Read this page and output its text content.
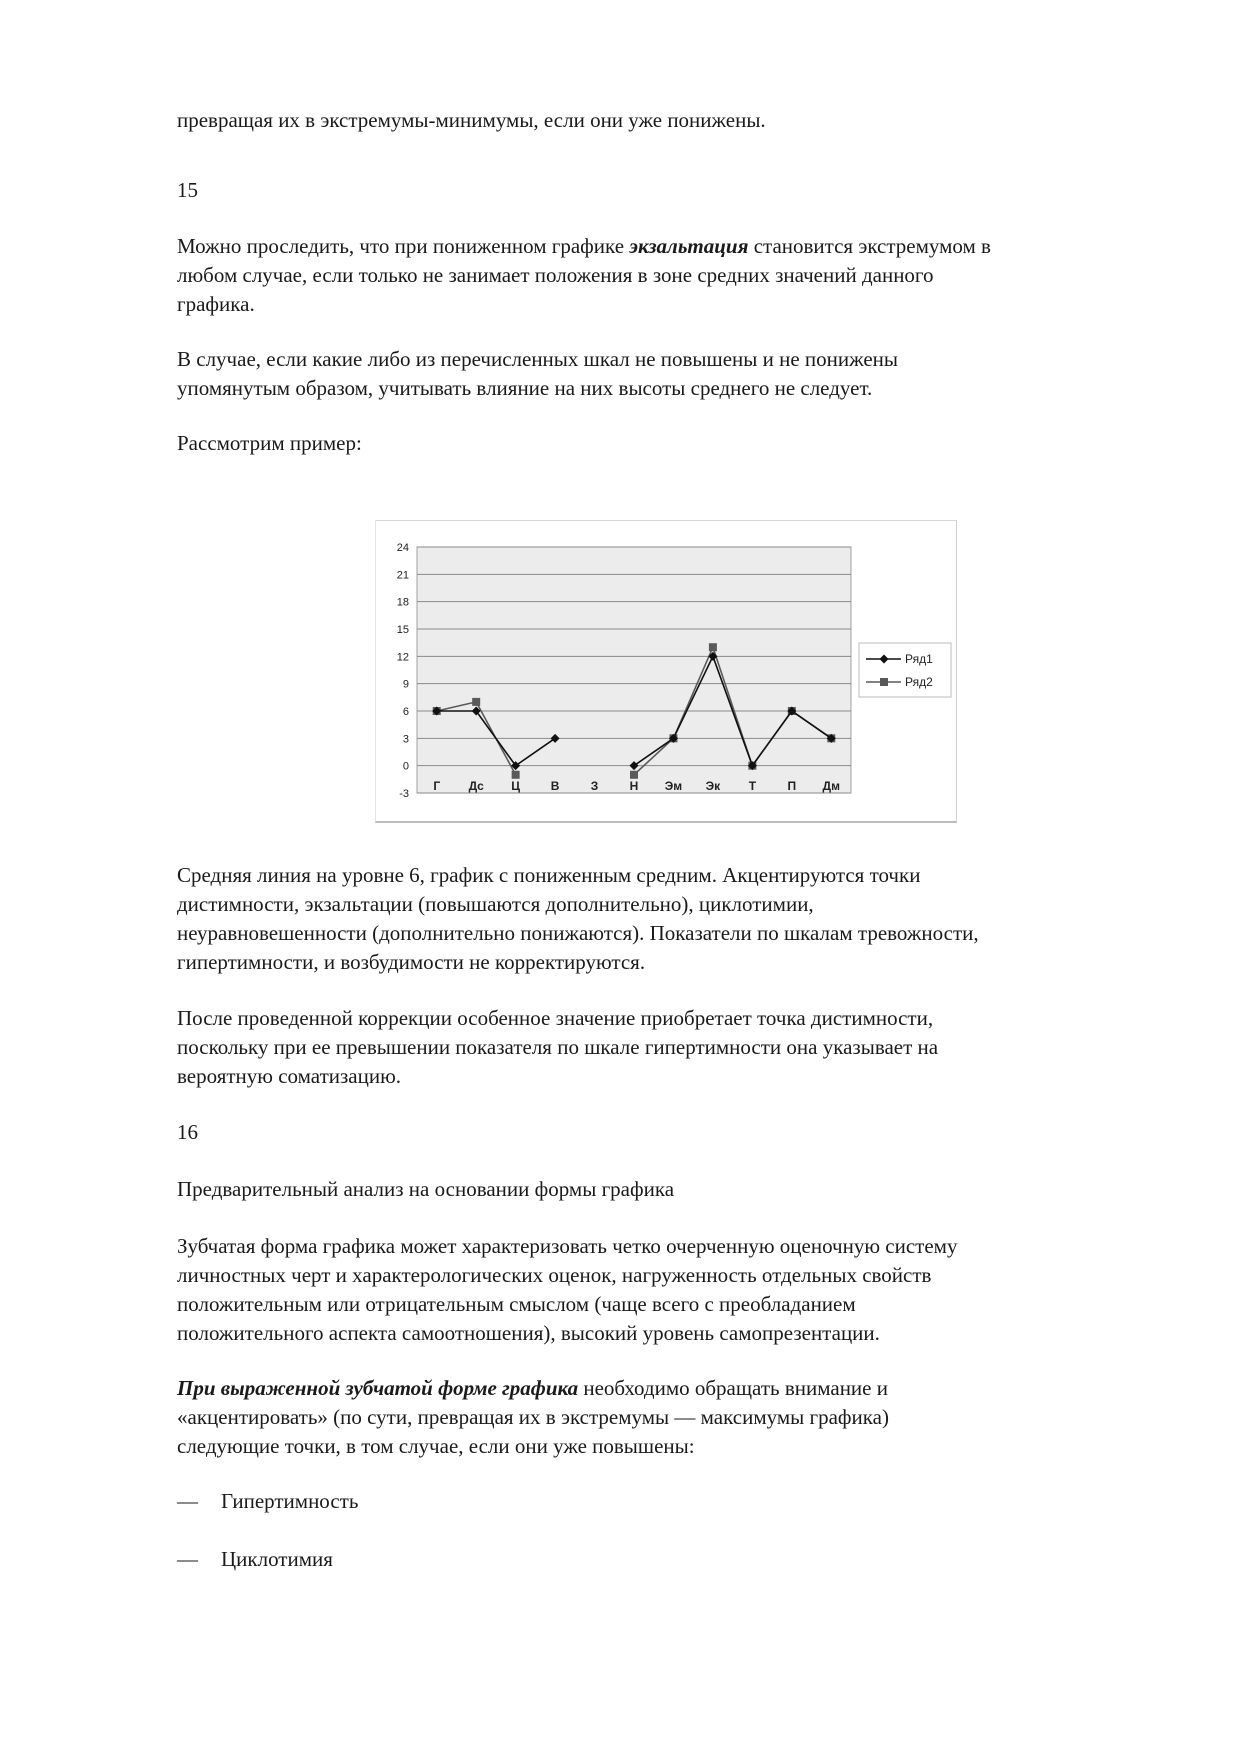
превращая их в экстремумы-минимумы, если они уже понижены.

15

Можно проследить, что при пониженном графике экзальтация становится экстремумом в
любом случае, если только не занимает положения в зоне средних значений данного
графика.
В случае, если какие либо из перечисленных шкал не повышены и не понижены
упомянутым образом, учитывать влияние на них высоты среднего не следует.

Рассмотрим пример:

-3
0
3
6
9
12
15
18
21
24
Г Дс Ц	В	З	Н Эм Эк Т	П Дм
Ряд1
Ряд2
Средняя линия на уровне 6, график с пониженным средним. Акцентируются точки
дистимности, экзальтации (повышаются дополнительно), циклотимии,
неуравновешенности (дополнительно понижаются). Показатели по шкалам тревожности,
гипертимности, и возбудимости не корректируются.
После проведенной коррекции особенное значение приобретает точка дистимности,
поскольку при ее превышении показателя по шкале гипертимности она указывает на
вероятную соматизацию.

16

Предварительный анализ на основании формы графика

Зубчатая форма графика может характеризовать четко очерченную оценочную систему
личностных черт и характерологических оценок, нагруженность отдельных свойств
положительным или отрицательным смыслом (чаще всего с преобладанием
положительного аспекта самоотношения), высокий уровень самопрезентации.
При выраженной зубчатой форме графика необходимо обращать внимание и
«акцентировать» (по сути, превращая их в экстремумы — максимумы графика)
следующие точки, в том случае, если они уже повышены:
— Гипертимность
— Циклотимия
